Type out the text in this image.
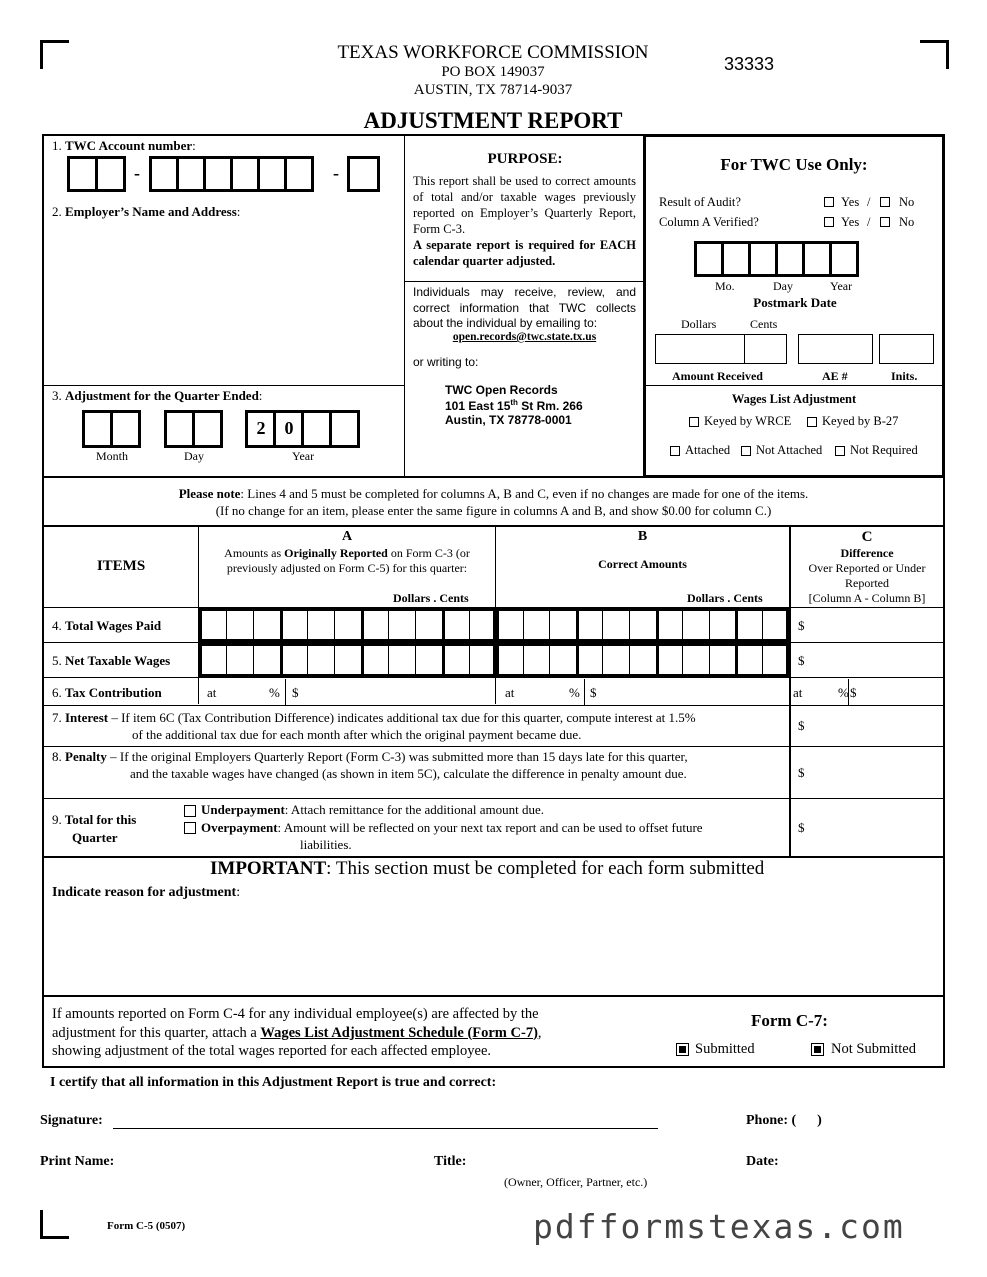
TEXAS WORKFORCE COMMISSION
PO BOX 149037
AUSTIN, TX 78714-9037
33333
ADJUSTMENT REPORT
1. TWC Account number:
-	-
2. Employer’s Name and Address:
3. Adjustment for the Quarter Ended:
2	0
Month	Day	Year
PURPOSE:
This report shall be used to correct amounts of total and/or taxable wages previously reported on Employer’s Quarterly Report, Form C-3.
A separate report is required for EACH calendar quarter adjusted.
Individuals may receive, review, and correct information that TWC collects about the individual by emailing to:
open.records@twc.state.tx.us
or writing to:
TWC Open Records
101 East 15th St Rm. 266
Austin, TX 78778-0001
For TWC Use Only:
Result of Audit?
Column A Verified?
Yes / No
Yes / No
Mo.	Day	Year
Postmark Date
Dollars	Cents
Amount Received	AE #	Inits.
Wages List Adjustment
Keyed by WRCE Keyed by B-27
Attached Not Attached Not Required
Please note: Lines 4 and 5 must be completed for columns A, B and C, even if no changes are made for one of the items.
(If no change for an item, please enter the same figure in columns A and B, and show $0.00 for column C.)
ITEMS
A
Amounts as Originally Reported on Form C-3 (or
previously adjusted on Form C-5) for this quarter:
Dollars . Cents
B
Correct Amounts
Dollars . Cents
C
Difference
Over Reported or Under
Reported
[Column A - Column B]
4. Total Wages Paid	$
5. Net Taxable Wages	$
6. Tax Contribution	at	% $	at	% $	at	% $
7. Interest – If item 6C (Tax Contribution Difference) indicates additional tax due for this quarter, compute interest at 1.5%
of the additional tax due for each month after which the original payment became due.
$
8. Penalty – If the original Employers Quarterly Report (Form C-3) was submitted more than 15 days late for this quarter,
and the taxable wages have changed (as shown in item 5C), calculate the difference in penalty amount due.	$
9. Total for this
Quarter
Underpayment: Attach remittance for the additional amount due.
Overpayment: Amount will be reflected on your next tax report and can be used to offset future
liabilities.
$
IMPORTANT: This section must be completed for each form submitted
Indicate reason for adjustment:
If amounts reported on Form C-4 for any individual employee(s) are affected by the
adjustment for this quarter, attach a Wages List Adjustment Schedule (Form C-7),
showing adjustment of the total wages reported for each affected employee.
Form C-7:
Submitted	Not Submitted
I certify that all information in this Adjustment Report is true and correct:
Signature:	Phone: (      )
Print Name:	Title:
(Owner, Officer, Partner, etc.)
Date:
Form C-5 (0507)	pdfformstexas.com
